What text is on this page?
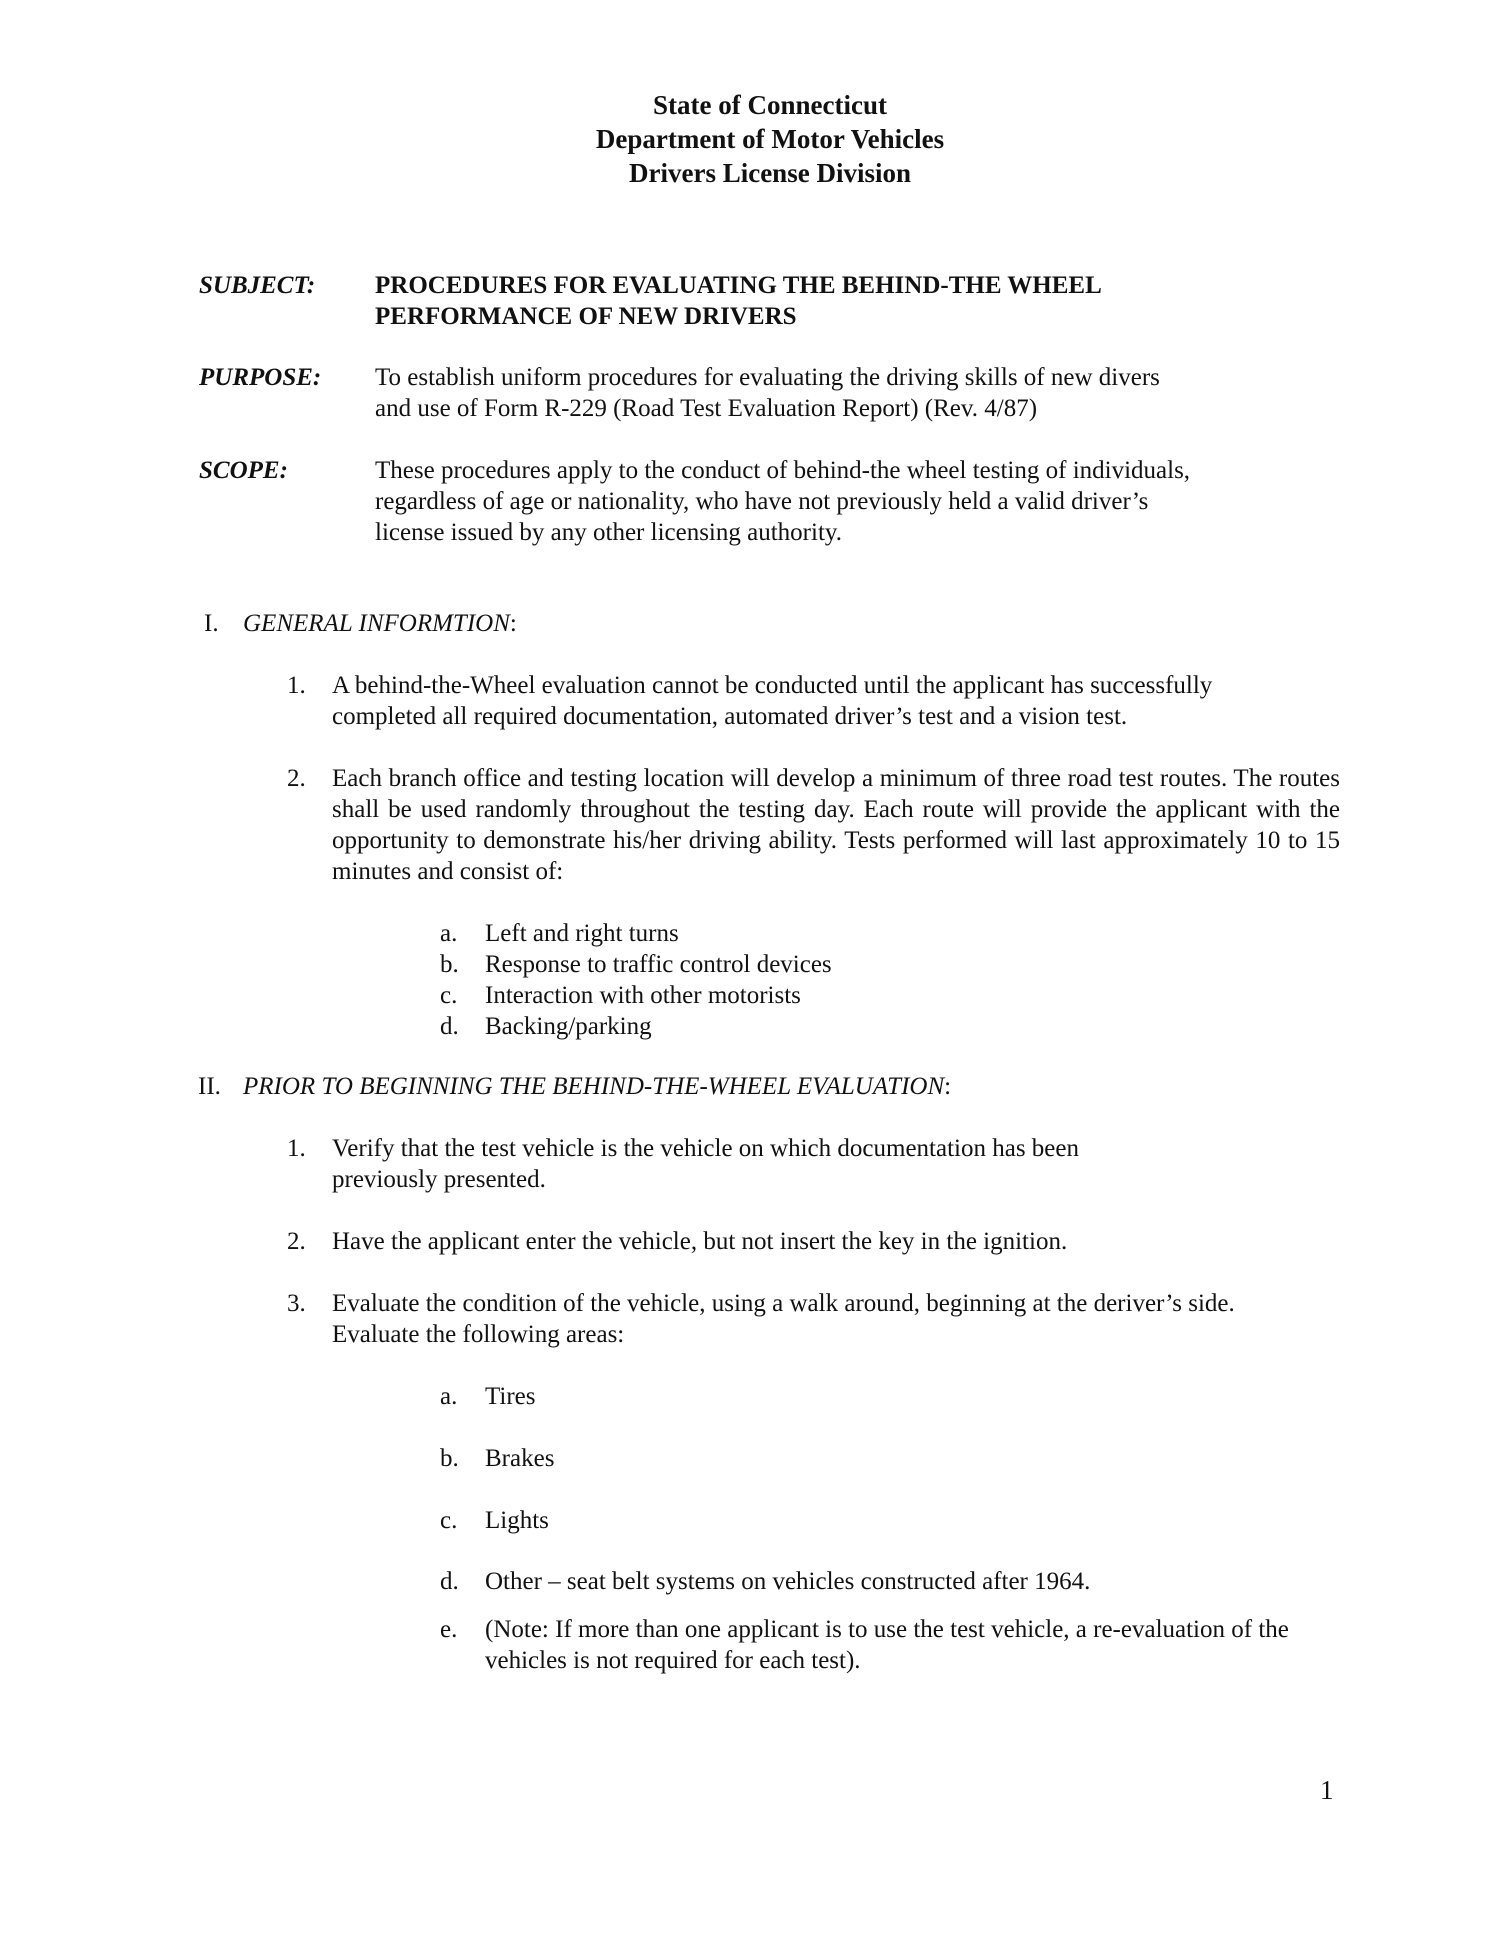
State of Connecticut
Department of Motor Vehicles
Drivers License Division
SUBJECT: PROCEDURES FOR EVALUATING THE BEHIND-THE WHEEL
PERFORMANCE OF NEW DRIVERS
PURPOSE: To establish uniform procedures for evaluating the driving skills of new divers
and use of Form R-229 (Road Test Evaluation Report) (Rev. 4/87)
SCOPE:	These procedures apply to the conduct of behind-the wheel testing of individuals,
regardless of age or nationality, who have not previously held a valid driver’s
license issued by any other licensing authority.
I. GENERAL INFORMTION:
1. A behind-the-Wheel evaluation cannot be conducted until the applicant has successfully
completed all required documentation, automated driver’s test and a vision test.
2. Each branch office and testing location will develop a minimum of three road test routes. The routes shall be used randomly throughout the testing day. Each route will provide the applicant with the opportunity to demonstrate his/her driving ability. Tests performed will last approximately 10 to 15 minutes and consist of:
a. Left and right turns
b. Response to traffic control devices
c. Interaction with other motorists
d. Backing/parking
II. PRIOR TO BEGINNING THE BEHIND-THE-WHEEL EVALUATION:
1. Verify that the test vehicle is the vehicle on which documentation has been
previously presented.
2. Have the applicant enter the vehicle, but not insert the key in the ignition.
3. Evaluate the condition of the vehicle, using a walk around, beginning at the deriver’s side.
Evaluate the following areas:
a. Tires
b. Brakes
c. Lights
d. Other – seat belt systems on vehicles constructed after 1964.
e. (Note: If more than one applicant is to use the test vehicle, a re-evaluation of the
vehicles is not required for each test).
1
